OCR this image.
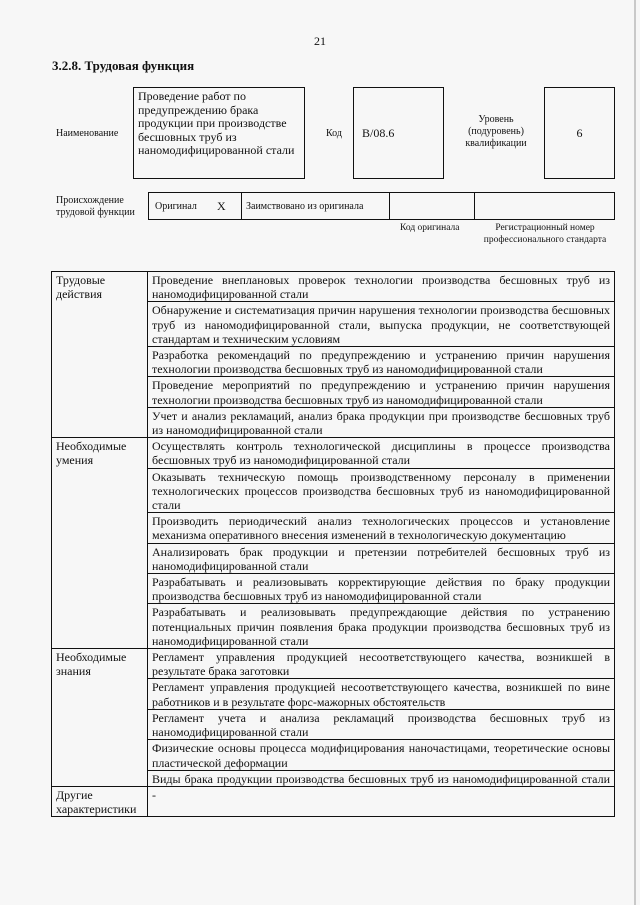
21
3.2.8. Трудовая функция
Наименование
Проведение работ по предупреждению брака продукции при производстве бесшовных труб из наномодифицированной стали
Код B/08.6
Уровень (подуровень) квалификации
6
Происхождение трудовой функции
Оригинал X Заимствовано из оригинала
Код оригинала	Регистрационный номер профессионального стандарта
Трудовые действия	Проведение внеплановых проверок технологии производства бесшовных труб из наномодифицированной стали
	Обнаружение и систематизация причин нарушения технологии производства бесшовных труб из наномодифицированной стали, выпуска продукции, не соответствующей стандартам и техническим условиям
	Разработка рекомендаций по предупреждению и устранению причин нарушения технологии производства бесшовных труб из наномодифицированной стали
	Проведение мероприятий по предупреждению и устранению причин нарушения технологии производства бесшовных труб из наномодифицированной стали
	Учет и анализ рекламаций, анализ брака продукции при производстве бесшовных труб из наномодифицированной стали
Необходимые умения	Осуществлять контроль технологической дисциплины в процессе производства бесшовных труб из наномодифицированной стали
	Оказывать техническую помощь производственному персоналу в применении технологических процессов производства бесшовных труб из наномодифицированной стали
	Производить периодический анализ технологических процессов и установление механизма оперативного внесения изменений в технологическую документацию
	Анализировать брак продукции и претензии потребителей бесшовных труб из наномодифицированной стали
	Разрабатывать и реализовывать корректирующие действия по браку продукции производства бесшовных труб из наномодифицированной стали
	Разрабатывать и реализовывать предупреждающие действия по устранению потенциальных причин появления брака продукции производства бесшовных труб из наномодифицированной стали
Необходимые знания	Регламент управления продукцией несоответствующего качества, возникшей в результате брака заготовки
	Регламент управления продукцией несоответствующего качества, возникшей по вине работников и в результате форс-мажорных обстоятельств
	Регламент учета и анализа рекламаций производства бесшовных труб из наномодифицированной стали
	Физические основы процесса модифицирования наночастицами, теоретические основы пластической деформации
	Виды брака продукции производства бесшовных труб из наномодифицированной стали
Другие характеристики	-
